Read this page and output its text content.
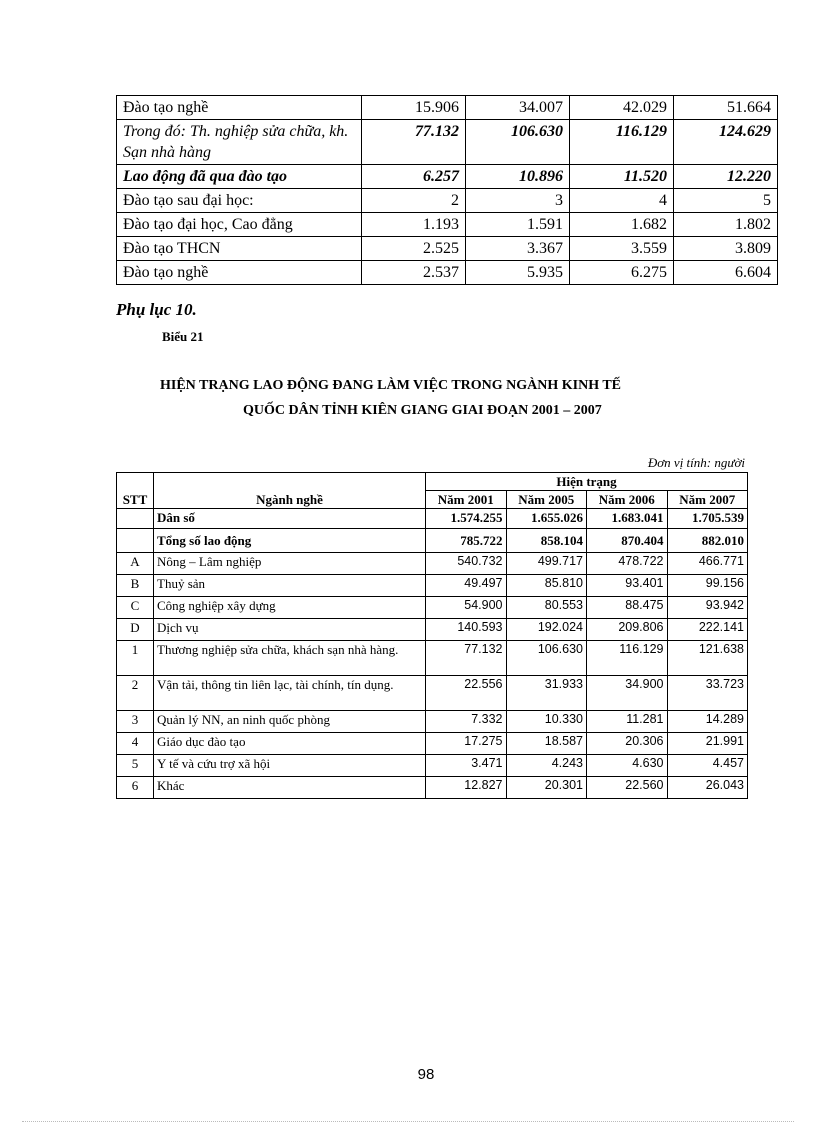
Đào tạo nghề	15.906	34.007	42.029	51.664
Trong đó: Th. nghiệp sửa chữa, kh. Sạn nhà hàng	77.132	106.630	116.129	124.629
Lao động đã qua đào tạo	6.257	10.896	11.520	12.220
Đào tạo sau đại học:	2	3	4	5
Đào tạo đại học, Cao đẳng	1.193	1.591	1.682	1.802
Đào tạo THCN	2.525	3.367	3.559	3.809
Đào tạo nghề	2.537	5.935	6.275	6.604
Phụ lục 10.
Biểu 21
HIỆN TRẠNG LAO ĐỘNG ĐANG LÀM VIỆC TRONG NGÀNH KINH TẾ
QUỐC DÂN TỈNH KIÊN GIANG GIAI ĐOẠN 2001 – 2007
Đơn vị tính: người
STT	Ngành nghề	Hiện trạng			
		Năm 2001	Năm 2005	Năm 2006	Năm 2007
	Dân số	1.574.255	1.655.026	1.683.041	1.705.539
	Tổng số lao động	785.722	858.104	870.404	882.010
A	Nông – Lâm nghiệp	540.732	499.717	478.722	466.771
B	Thuỷ sản	49.497	85.810	93.401	99.156
C	Công nghiệp xây dựng	54.900	80.553	88.475	93.942
D	Dịch vụ	140.593	192.024	209.806	222.141
1	Thương nghiệp sửa chữa, khách sạn nhà hàng.	77.132	106.630	116.129	121.638
2	Vận tải, thông tin liên lạc, tài chính, tín dụng.	22.556	31.933	34.900	33.723
3	Quản lý NN, an ninh quốc phòng	7.332	10.330	11.281	14.289
4	Giáo dục đào tạo	17.275	18.587	20.306	21.991
5	Y tế và cứu trợ xã hội	3.471	4.243	4.630	4.457
6	Khác	12.827	20.301	22.560	26.043
98
